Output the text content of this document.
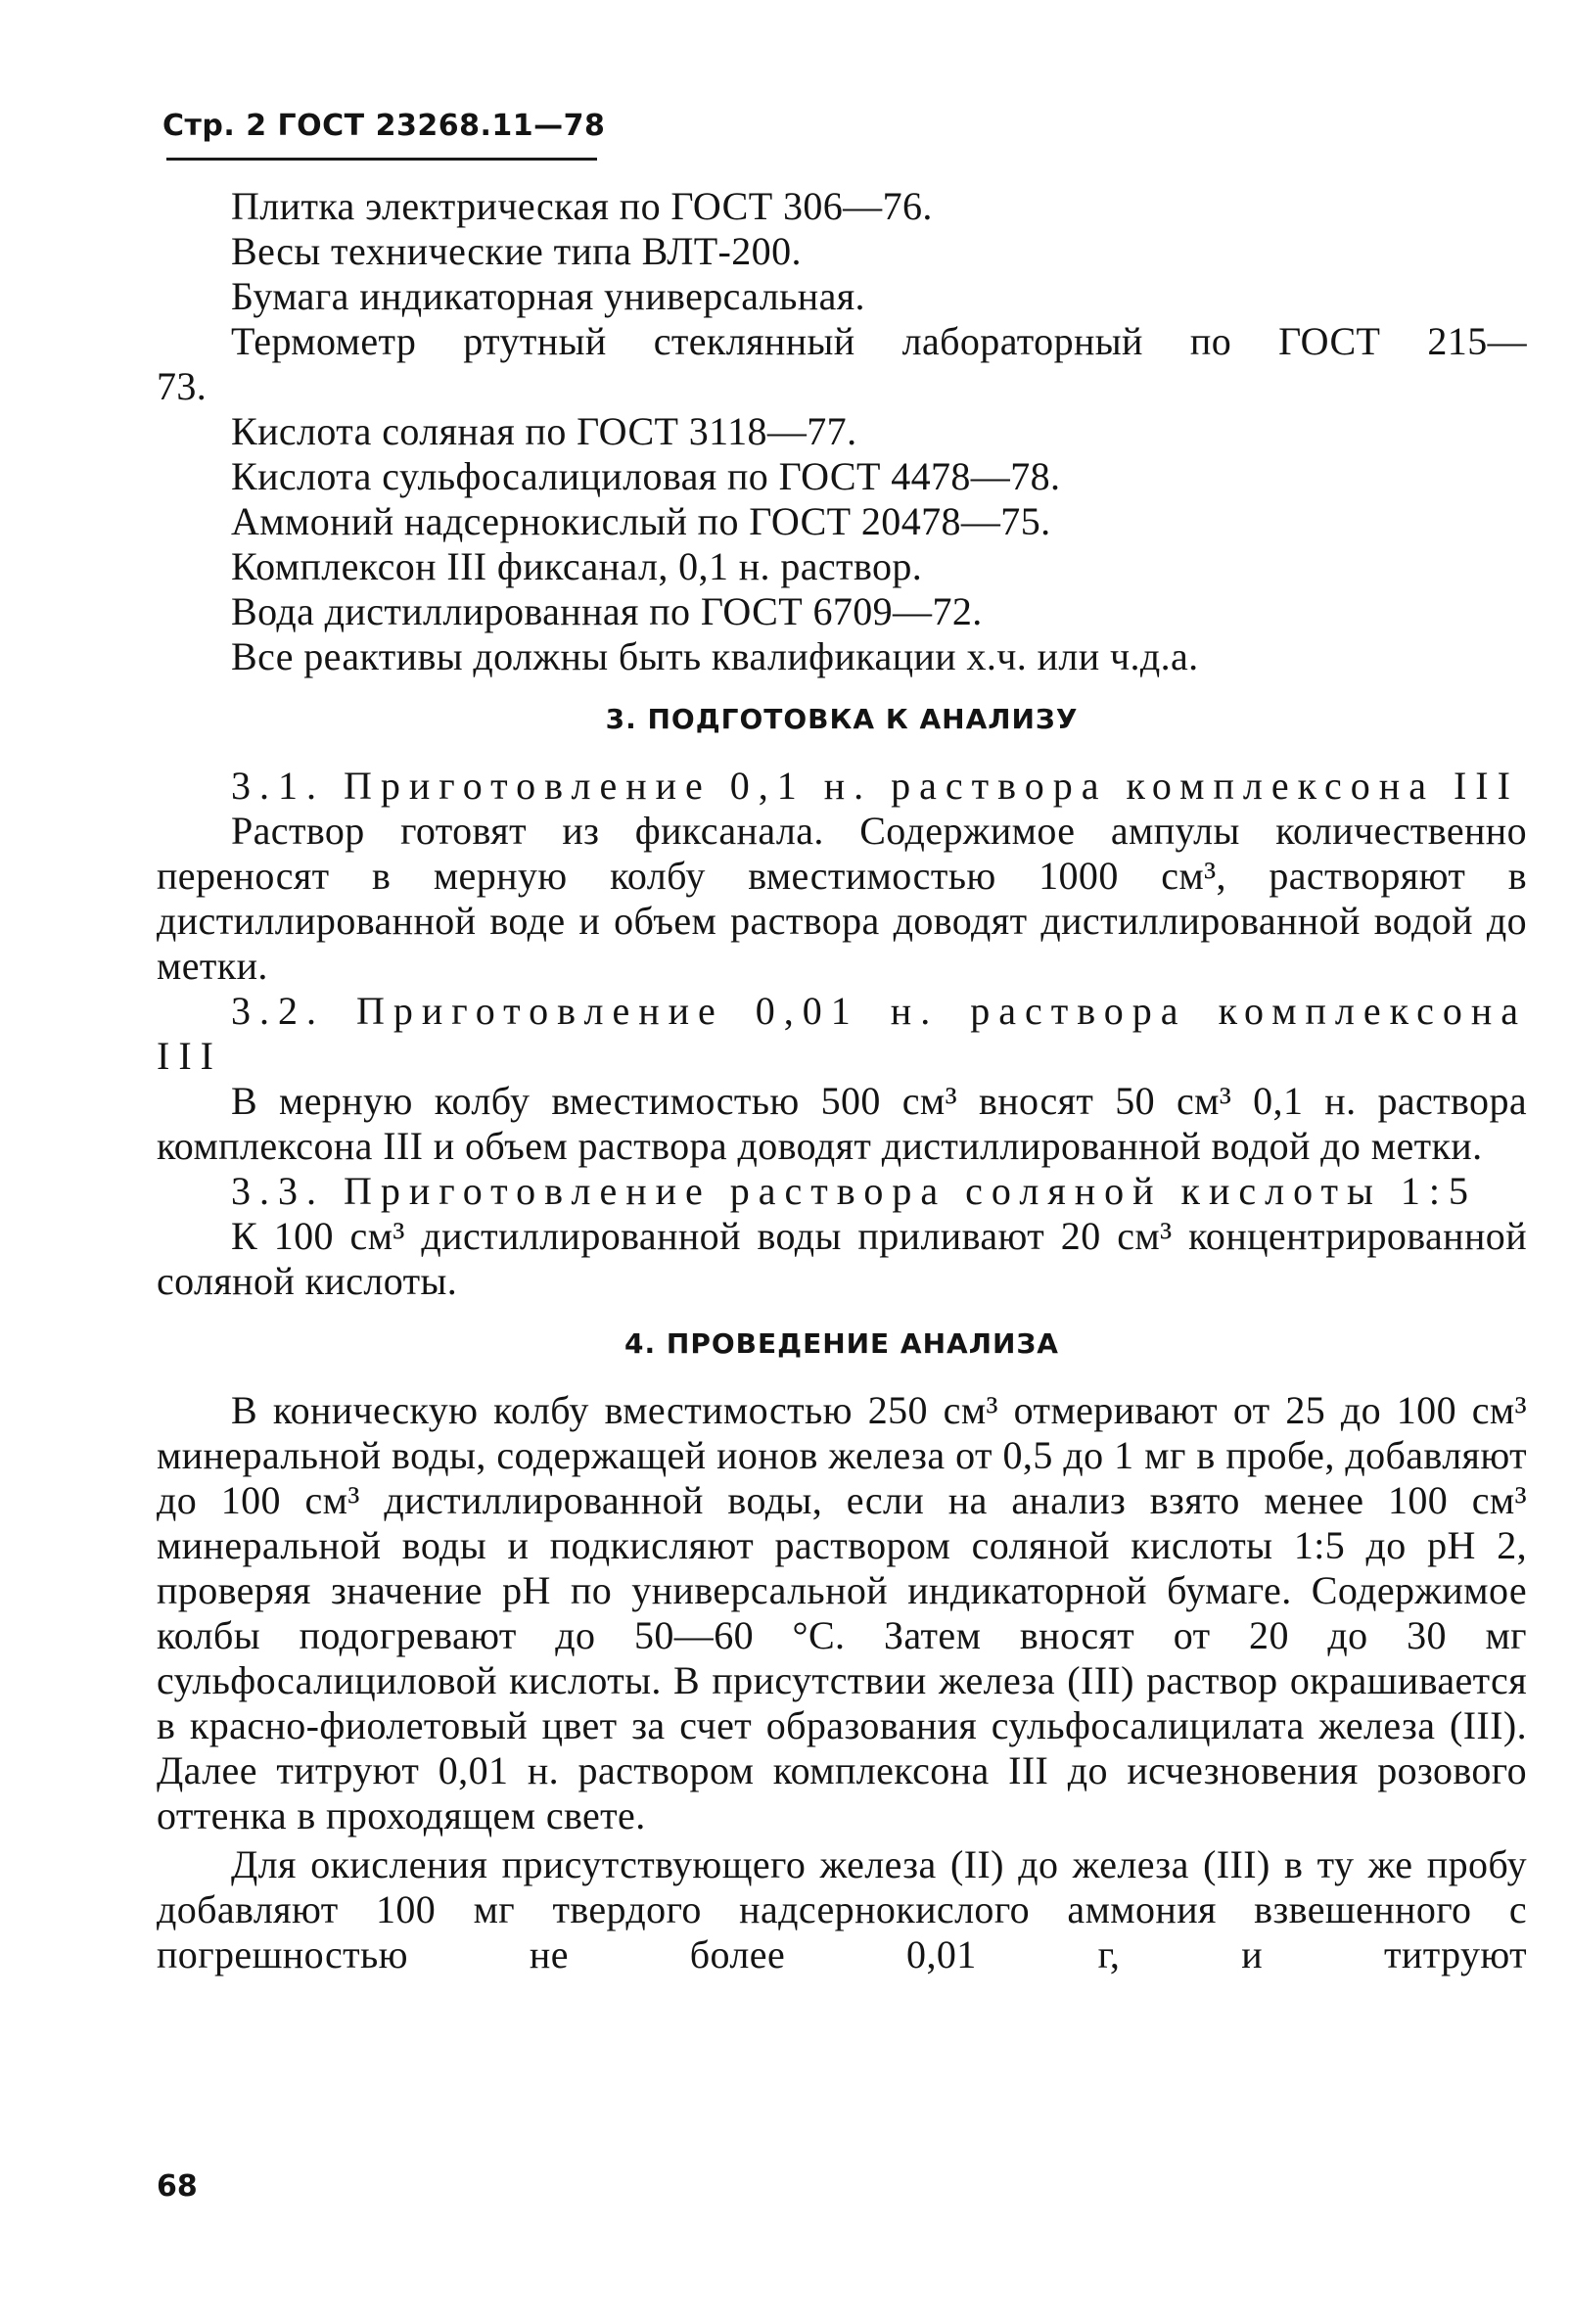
Стр. 2 ГОСТ 23268.11—78

Плитка электрическая по ГОСТ 306—76.

Весы технические типа ВЛТ-200.

Бумага индикаторная универсальная.

Термометр ртутный стеклянный лабораторный по ГОСТ 215—73.

Кислота соляная по ГОСТ 3118—77.

Кислота сульфосалициловая по ГОСТ 4478—78.

Аммоний надсернокислый по ГОСТ 20478—75.

Комплексон III фиксанал, 0,1 н. раствор.

Вода дистиллированная по ГОСТ 6709—72.

Все реактивы должны быть квалификации х.ч. или ч.д.а.

3. ПОДГОТОВКА К АНАЛИЗУ

3.1. Приготовление 0,1 н. раствора комплексона III

Раствор готовят из фиксанала. Содержимое ампулы количественно переносят в мерную колбу вместимостью 1000 см³, растворяют в дистиллированной воде и объем раствора доводят дистиллированной водой до метки.

3.2. Приготовление 0,01 н. раствора комплексона III

В мерную колбу вместимостью 500 см³ вносят 50 см³ 0,1 н. раствора комплексона III и объем раствора доводят дистиллированной водой до метки.

3.3. Приготовление раствора соляной кислоты 1:5

К 100 см³ дистиллированной воды приливают 20 см³ концентрированной соляной кислоты.

4. ПРОВЕДЕНИЕ АНАЛИЗА

В коническую колбу вместимостью 250 см³ отмеривают от 25 до 100 см³ минеральной воды, содержащей ионов железа от 0,5 до 1 мг в пробе, добавляют до 100 см³ дистиллированной воды, если на анализ взято менее 100 см³ минеральной воды и подкисляют раствором соляной кислоты 1:5 до pH 2, проверяя значение pH по универсальной индикаторной бумаге. Содержимое колбы подогревают до 50—60 °С. Затем вносят от 20 до 30 мг сульфосалициловой кислоты. В присутствии железа (III) раствор окрашивается в красно-фиолетовый цвет за счет образования сульфосалицилата железа (III). Далее титруют 0,01 н. раствором комплексона III до исчезновения розового оттенка в проходящем свете.

Для окисления присутствующего железа (II) до железа (III) в ту же пробу добавляют 100 мг твердого надсернокислого аммония взвешенного с погрешностью не более 0,01 г, и титруют

68
